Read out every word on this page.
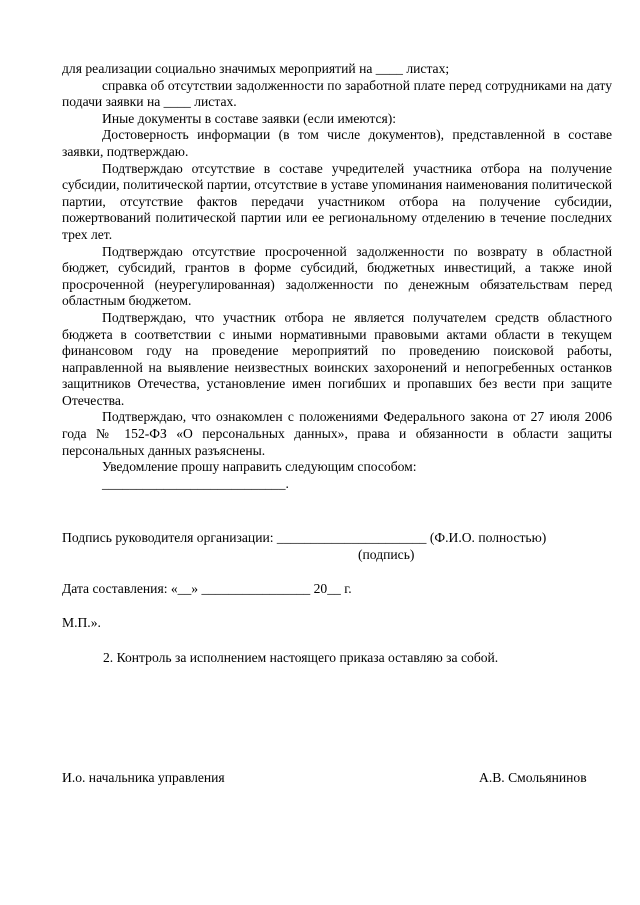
для реализации социально значимых мероприятий на ____ листах;

справка об отсутствии задолженности по заработной плате перед сотрудниками на дату подачи заявки на ____ листах.

Иные документы в составе заявки (если имеются):

Достоверность информации (в том числе документов), представленной в составе заявки, подтверждаю.

Подтверждаю отсутствие в составе учредителей участника отбора на получение субсидии, политической партии, отсутствие в уставе упоминания наименования политической партии, отсутствие фактов передачи участником отбора на получение субсидии, пожертвований политической партии или ее региональному отделению в течение последних трех лет.

Подтверждаю отсутствие просроченной задолженности по возврату в областной бюджет, субсидий, грантов в форме субсидий, бюджетных инвестиций, а также иной просроченной (неурегулированная) задолженности по денежным обязательствам перед областным бюджетом.

Подтверждаю, что участник отбора не является получателем средств областного бюджета в соответствии с иными нормативными правовыми актами области в текущем финансовом году на проведение мероприятий по проведению поисковой работы, направленной на выявление неизвестных воинских захоронений и непогребенных останков защитников Отечества, установление имен погибших и пропавших без вести при защите Отечества.

Подтверждаю, что ознакомлен с положениями Федерального закона от 27 июля 2006 года № 152-ФЗ «О персональных данных», права и обязанности в области защиты персональных данных разъяснены.

Уведомление прошу направить следующим способом:

___________________________.

Подпись руководителя организации: ______________________ (Ф.И.О. полностью)
(подпись)
Дата составления: «__» ________________ 20__ г.
М.П.».
2. Контроль за исполнением настоящего приказа оставляю за собой.
И.о. начальника управления	А.В. Смольянинов
